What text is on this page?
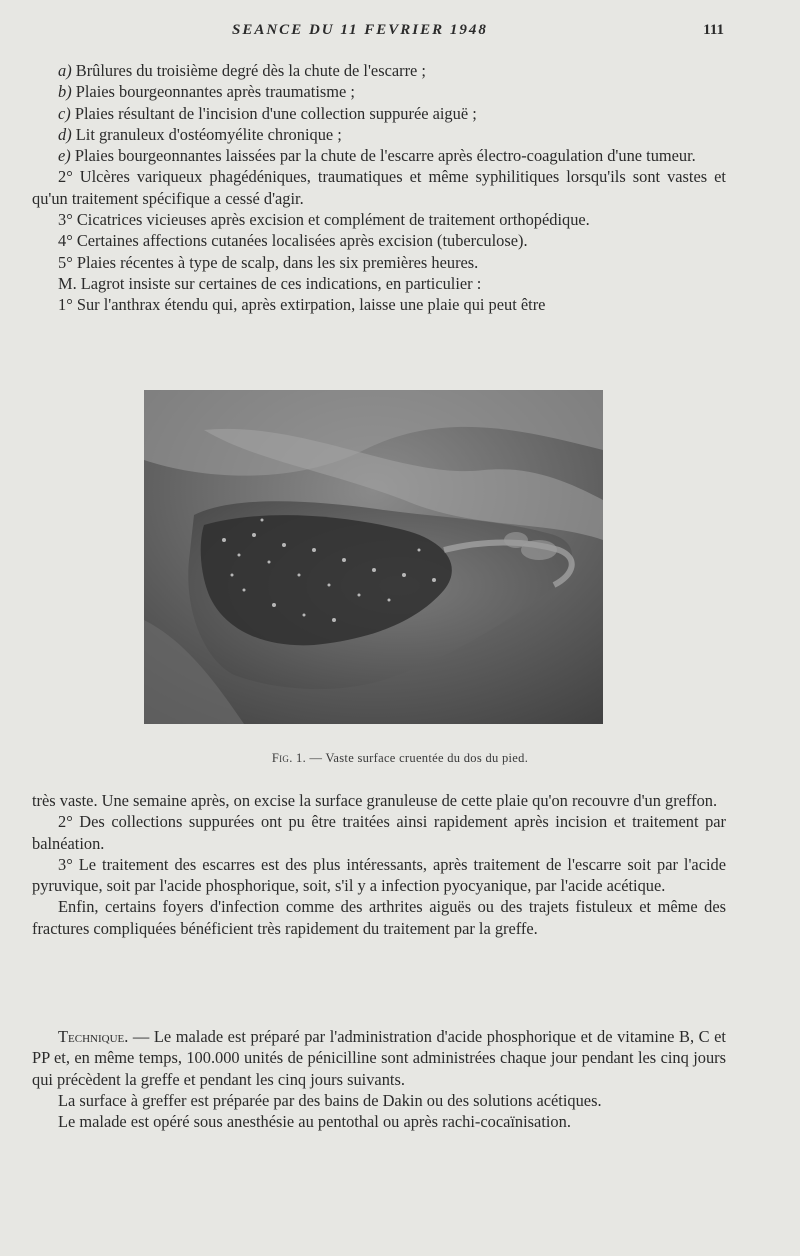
SEANCE DU 11 FEVRIER 1948	111

a) Brûlures du troisième degré dès la chute de l'escarre ;

b) Plaies bourgeonnantes après traumatisme ;

c) Plaies résultant de l'incision d'une collection suppurée aiguë ;

d) Lit granuleux d'ostéomyélite chronique ;

e) Plaies bourgeonnantes laissées par la chute de l'escarre après électro-coagulation d'une tumeur.

2° Ulcères variqueux phagédéniques, traumatiques et même syphilitiques lorsqu'ils sont vastes et qu'un traitement spécifique a cessé d'agir.

3° Cicatrices vicieuses après excision et complément de traitement orthopédique.

4° Certaines affections cutanées localisées après excision (tuberculose).

5° Plaies récentes à type de scalp, dans les six premières heures.

M. Lagrot insiste sur certaines de ces indications, en particulier :

1° Sur l'anthrax étendu qui, après extirpation, laisse une plaie qui peut être

Fig. 1. — Vaste surface cruentée du dos du pied.

très vaste. Une semaine après, on excise la surface granuleuse de cette plaie qu'on recouvre d'un greffon.

2° Des collections suppurées ont pu être traitées ainsi rapidement après incision et traitement par balnéation.

3° Le traitement des escarres est des plus intéressants, après traitement de l'escarre soit par l'acide pyruvique, soit par l'acide phosphorique, soit, s'il y a infection pyocyanique, par l'acide acétique.

Enfin, certains foyers d'infection comme des arthrites aiguës ou des trajets fistuleux et même des fractures compliquées bénéficient très rapidement du traitement par la greffe.

Technique. — Le malade est préparé par l'administration d'acide phosphorique et de vitamine B, C et PP et, en même temps, 100.000 unités de pénicilline sont administrées chaque jour pendant les cinq jours qui précèdent la greffe et pendant les cinq jours suivants.

La surface à greffer est préparée par des bains de Dakin ou des solutions acétiques.

Le malade est opéré sous anesthésie au pentothal ou après rachi-cocaïnisation.
